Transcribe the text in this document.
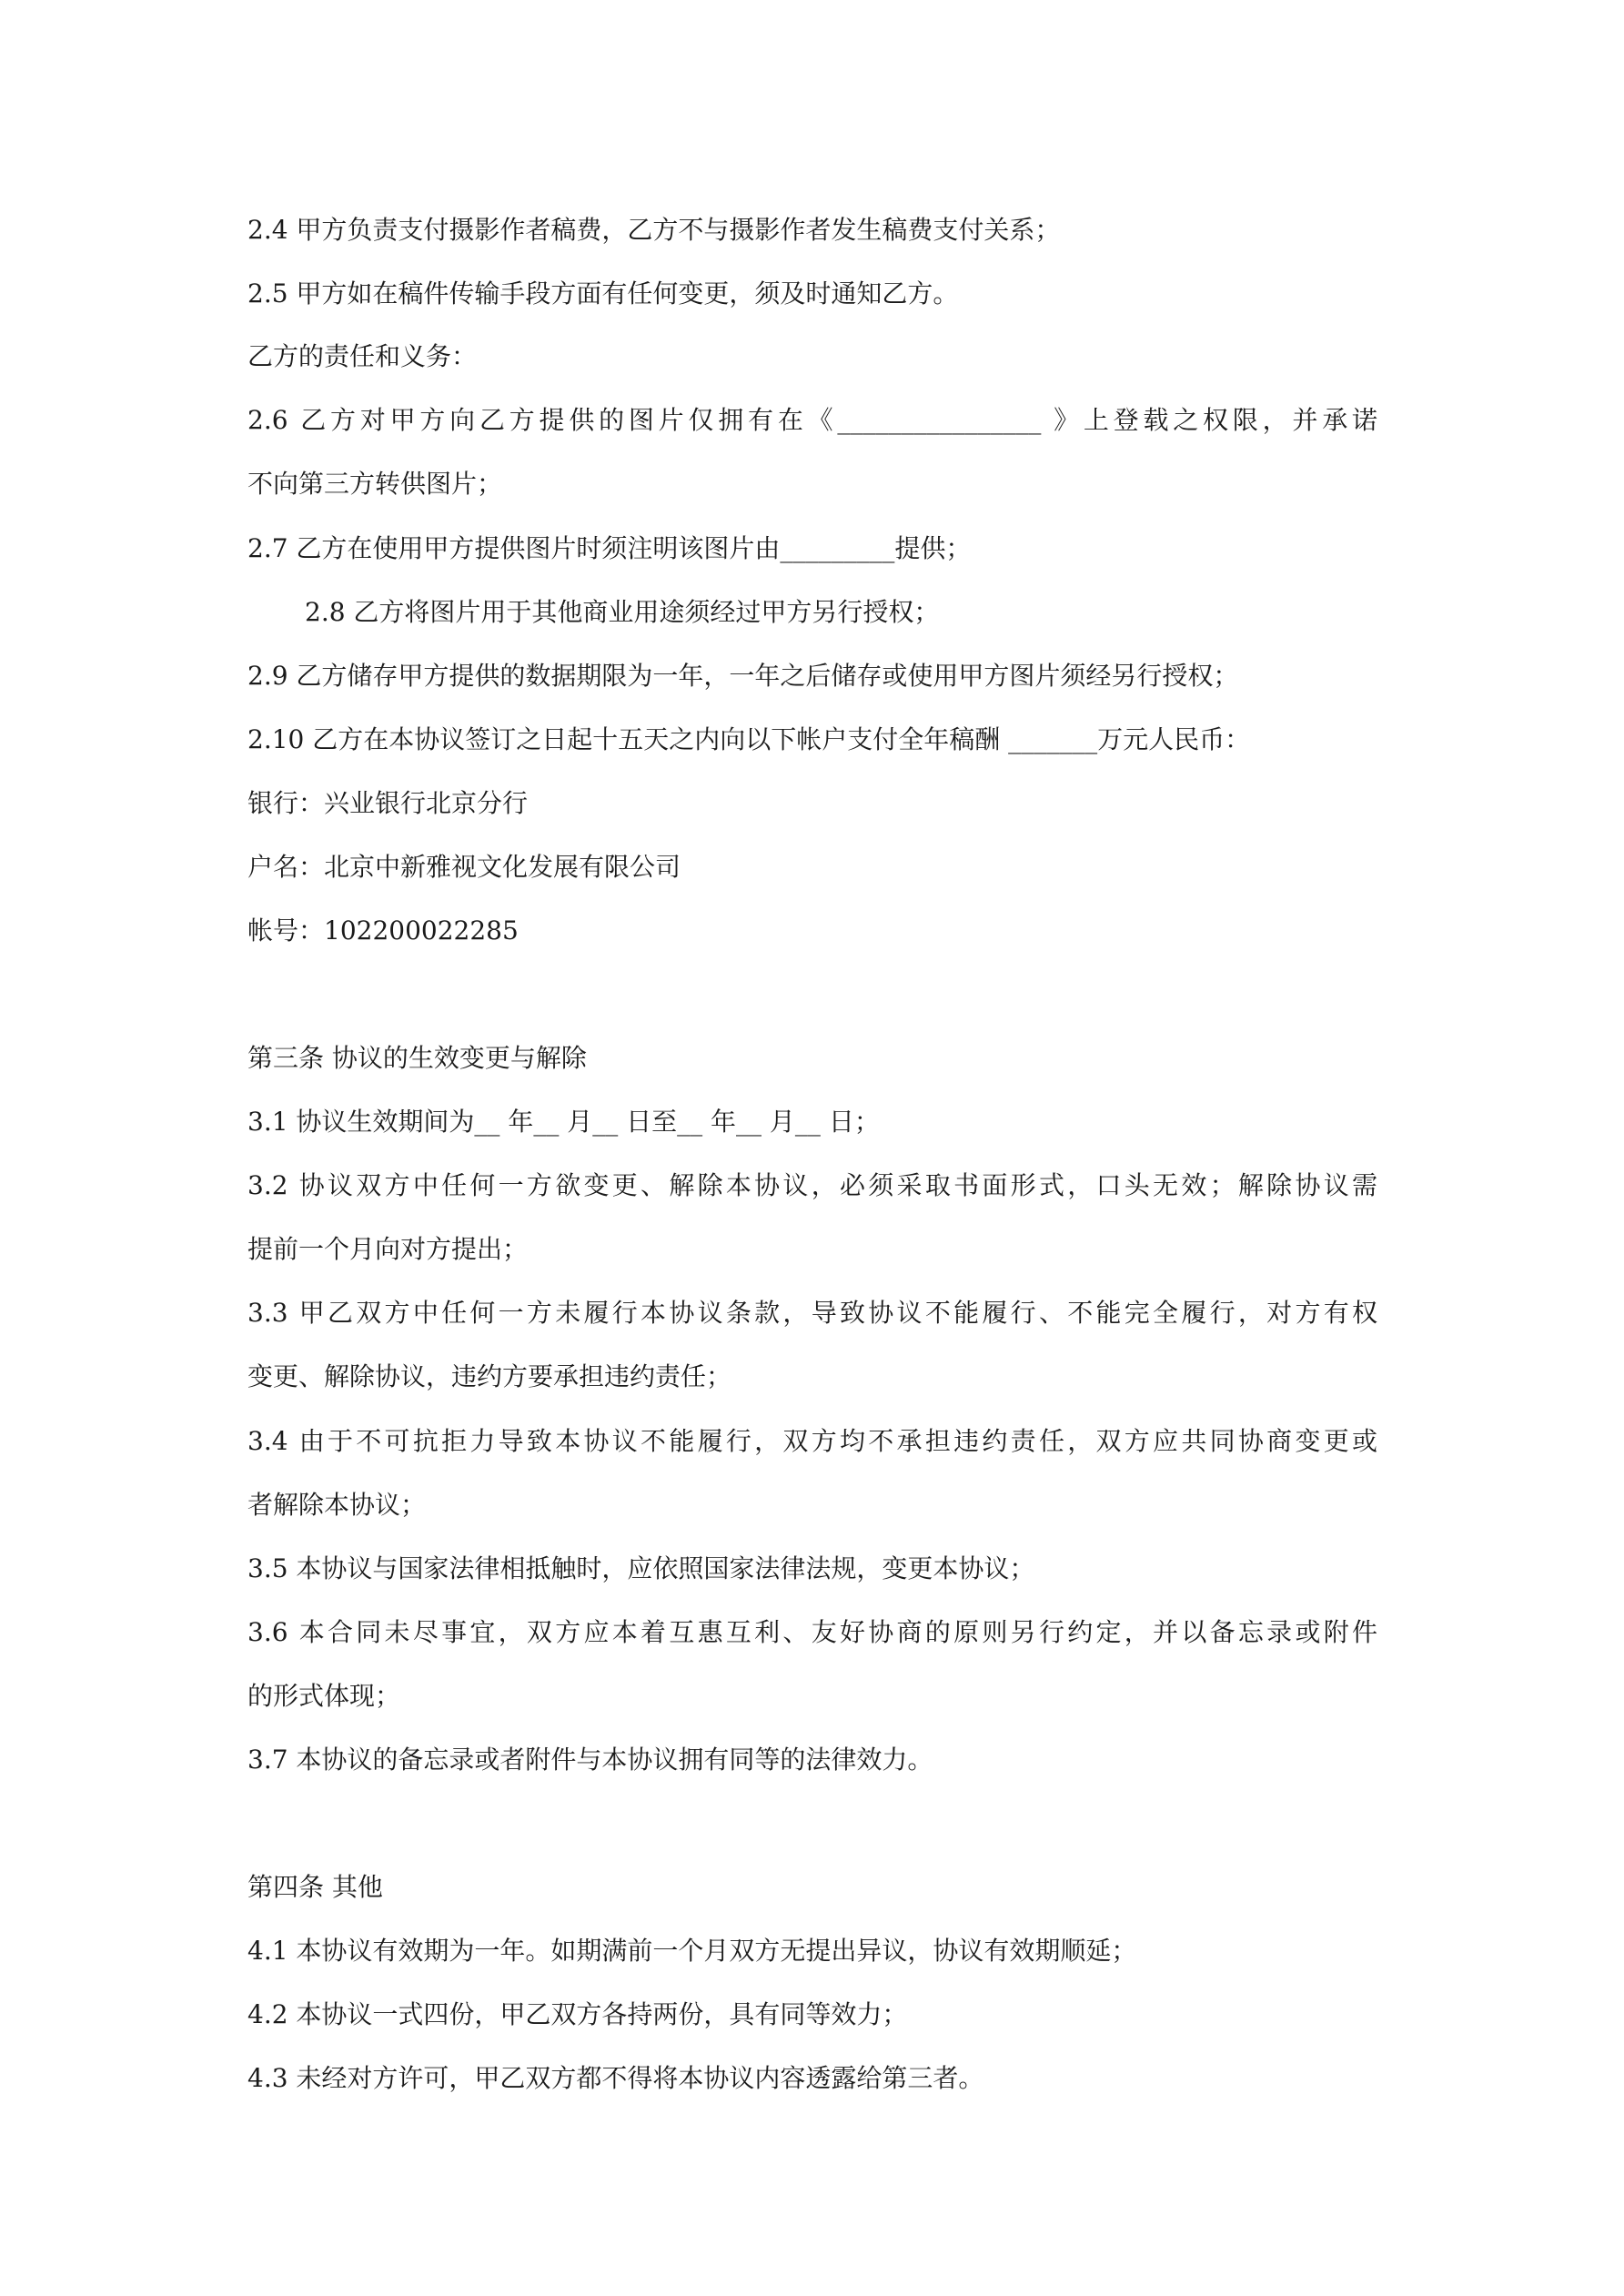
2.4 甲方负责支付摄影作者稿费，乙方不与摄影作者发生稿费支付关系；
2.5 甲方如在稿件传输手段方面有任何变更，须及时通知乙方。
乙方的责任和义务：
2.6 乙方对甲方向乙方提供的图片仅拥有在《________________ 》上登载之权限，并承诺
不向第三方转供图片；
2.7 乙方在使用甲方提供图片时须注明该图片由_________提供；
2.8 乙方将图片用于其他商业用途须经过甲方另行授权；
2.9 乙方储存甲方提供的数据期限为一年，一年之后储存或使用甲方图片须经另行授权；
2.10 乙方在本协议签订之日起十五天之内向以下帐户支付全年稿酬 _______万元人民币：
银行：兴业银行北京分行
户名：北京中新雅视文化发展有限公司
帐号：102200022285
第三条 协议的生效变更与解除
3.1 协议生效期间为__ 年__ 月__ 日至__ 年__ 月__ 日；
3.2 协议双方中任何一方欲变更、解除本协议，必须采取书面形式，口头无效；解除协议需
提前一个月向对方提出；
3.3 甲乙双方中任何一方未履行本协议条款，导致协议不能履行、不能完全履行，对方有权
变更、解除协议，违约方要承担违约责任；
3.4 由于不可抗拒力导致本协议不能履行，双方均不承担违约责任，双方应共同协商变更或
者解除本协议；
3.5 本协议与国家法律相抵触时，应依照国家法律法规，变更本协议；
3.6 本合同未尽事宜，双方应本着互惠互利、友好协商的原则另行约定，并以备忘录或附件
的形式体现；
3.7 本协议的备忘录或者附件与本协议拥有同等的法律效力。
第四条 其他
4.1 本协议有效期为一年。如期满前一个月双方无提出异议，协议有效期顺延；
4.2 本协议一式四份，甲乙双方各持两份，具有同等效力；
4.3 未经对方许可，甲乙双方都不得将本协议内容透露给第三者。
